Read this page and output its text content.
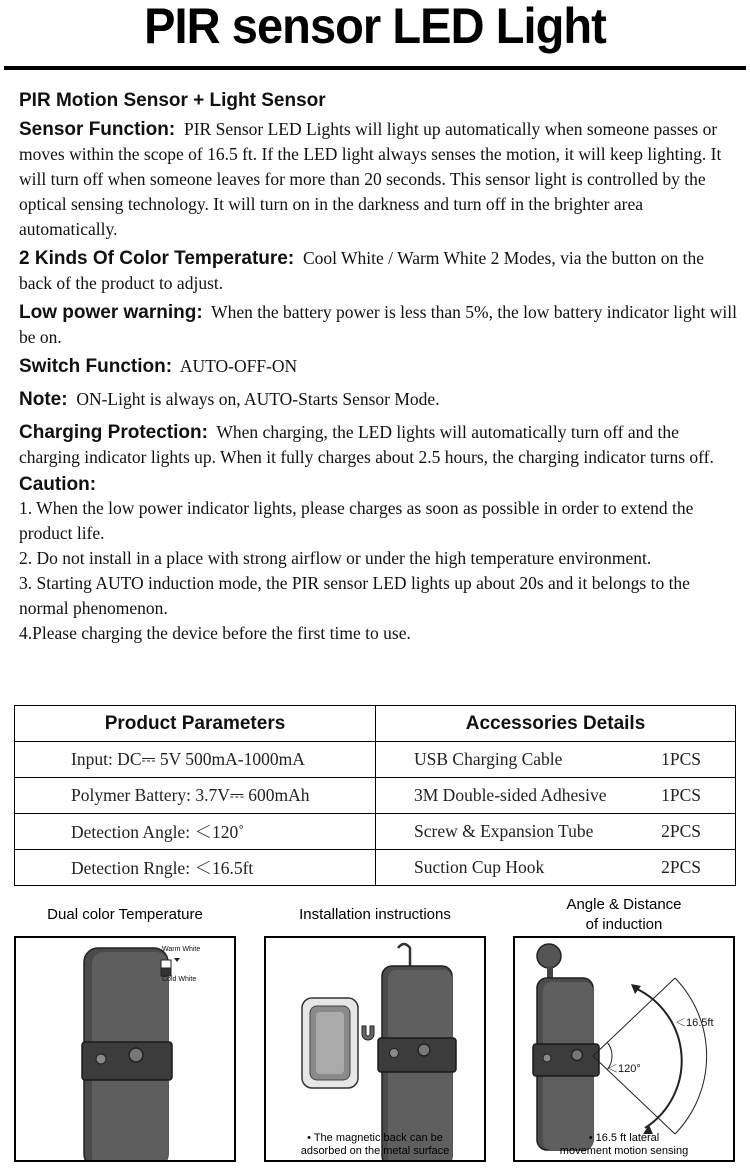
PIR sensor LED Light
PIR Motion Sensor + Light Sensor

Sensor Function: PIR Sensor LED Lights will light up automatically when someone passes or moves within the scope of 16.5 ft. If the LED light always senses the motion, it will keep lighting. It will turn off when someone leaves for more than 20 seconds. This sensor light is controlled by the optical sensing technology. It will turn on in the darkness and turn off in the brighter area automatically.

2 Kinds Of Color Temperature: Cool White / Warm White 2 Modes, via the button on the back of the product to adjust.

Low power warning: When the battery power is less than 5%, the low battery indicator light will be on.

Switch Function: AUTO-OFF-ON

Note: ON-Light is always on, AUTO-Starts Sensor Mode.

Charging Protection: When charging, the LED lights will automatically turn off and the charging indicator lights up. When it fully charges about 2.5 hours, the charging indicator turns off.

Caution:

1. When the low power indicator lights, please charges as soon as possible in order to extend the product life.

2. Do not install in a place with strong airflow or under the high temperature environment.

3. Starting AUTO induction mode, the PIR sensor LED lights up about 20s and it belongs to the normal phenomenon.

4.Please charging the device before the first time to use.

Product Parameters	Accessories Details
Input: DC⎓ 5V 500mA-1000mA	USB Charging Cable 1PCS

Polymer Battery: 3.7V⎓ 600mAh	3M Double-sided Adhesive 1PCS

Detection Angle: ＜120˚	Screw & Expansion Tube 2PCS

Detection Rngle: ＜16.5ft	Suction Cup Hook 2PCS
Dual color Temperature	Installation instructions
Angle & Distance
of induction
Warm White
Cold White
• The magnetic back can be
adsorbed on the metal surface
＜16.5ft
＜120°
• 16.5 ft lateral
movement motion sensing
